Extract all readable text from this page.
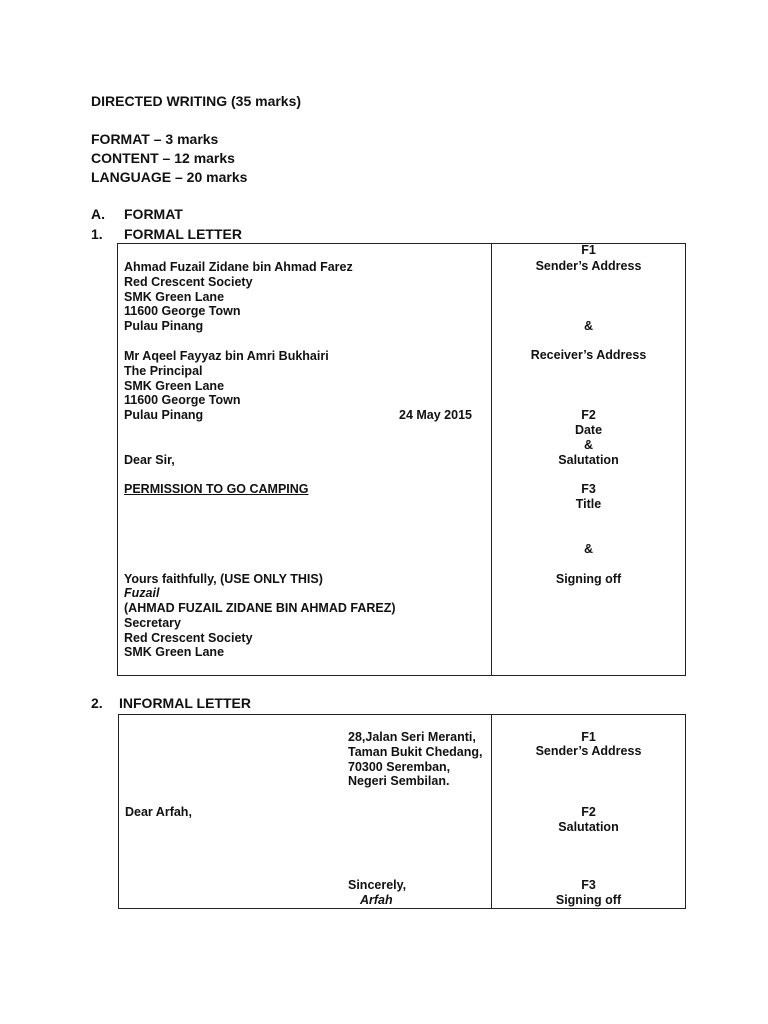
DIRECTED WRITING (35 marks)
FORMAT – 3 marks
CONTENT – 12 marks
LANGUAGE – 20 marks
A. FORMAT
1. FORMAL LETTER
Ahmad Fuzail Zidane bin Ahmad Farez
Red Crescent Society
SMK Green Lane
11600 George Town
Pulau Pinang
Mr Aqeel Fayyaz bin Amri Bukhairi
The Principal
SMK Green Lane
11600 George Town
Pulau Pinang	24 May 2015
Dear Sir,
PERMISSION TO GO CAMPING
Yours faithfully, (USE ONLY THIS)
Fuzail
(AHMAD FUZAIL ZIDANE BIN AHMAD FAREZ)
Secretary
Red Crescent Society
SMK Green Lane
F1
Sender’s Address
&
Receiver’s Address
F2
Date
&
Salutation
F3
Title
&
Signing off
2. INFORMAL LETTER
28,Jalan Seri Meranti,
Taman Bukit Chedang,
70300 Seremban,
Negeri Sembilan.
Dear Arfah,
Sincerely,
Arfah
F1
Sender’s Address
F2
Salutation
F3
Signing off
